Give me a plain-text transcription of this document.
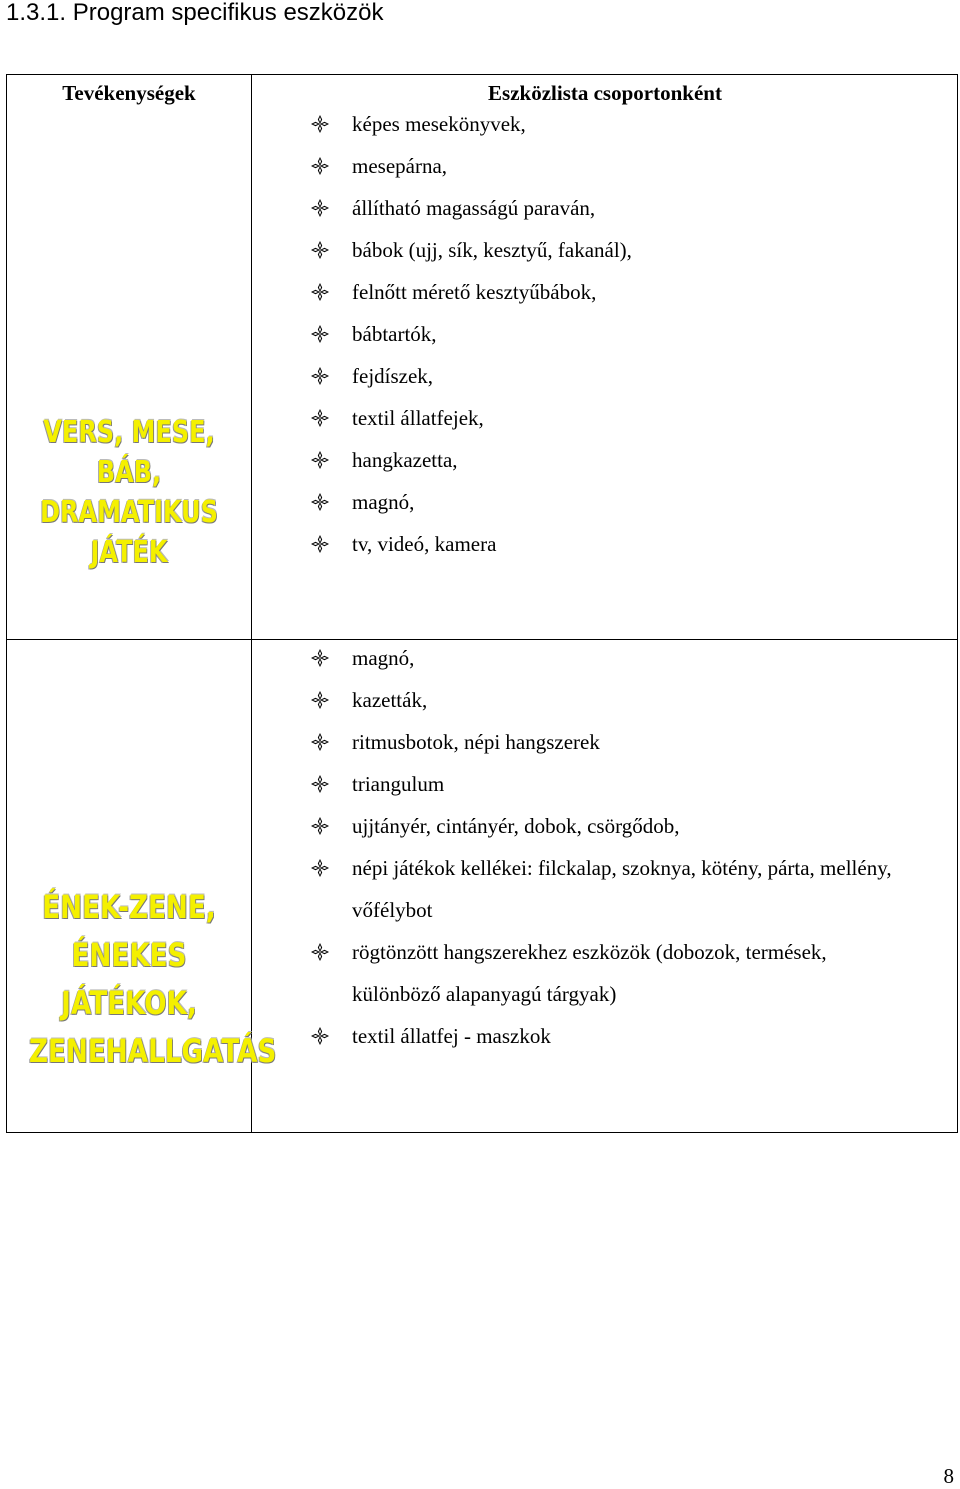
1.3.1. Program specifikus eszközök
Tevékenységek	Eszközlista csoportonként
VERS, MESE, BÁB, DRAMATIKUS JÁTÉK
ÉNEK-ZENE, ÉNEKES JÁTÉKOK, ZENEHALLGATÁS
képes mesekönyvek,
mesepárna,
állítható magasságú paraván,
bábok (ujj, sík, kesztyű, fakanál),
felnőtt mérető kesztyűbábok,
bábtartók,
fejdíszek,
textil állatfejek,
hangkazetta,
magnó,
tv, videó, kamera
magnó,
kazetták,
ritmusbotok, népi hangszerek
triangulum
ujjtányér, cintányér, dobok, csörgődob,
népi játékok kellékei: filckalap, szoknya, kötény, párta, mellény, vőfélybot
rögtönzött hangszerekhez eszközök (dobozok, termések, különböző alapanyagú tárgyak)
textil állatfej - maszkok
8
